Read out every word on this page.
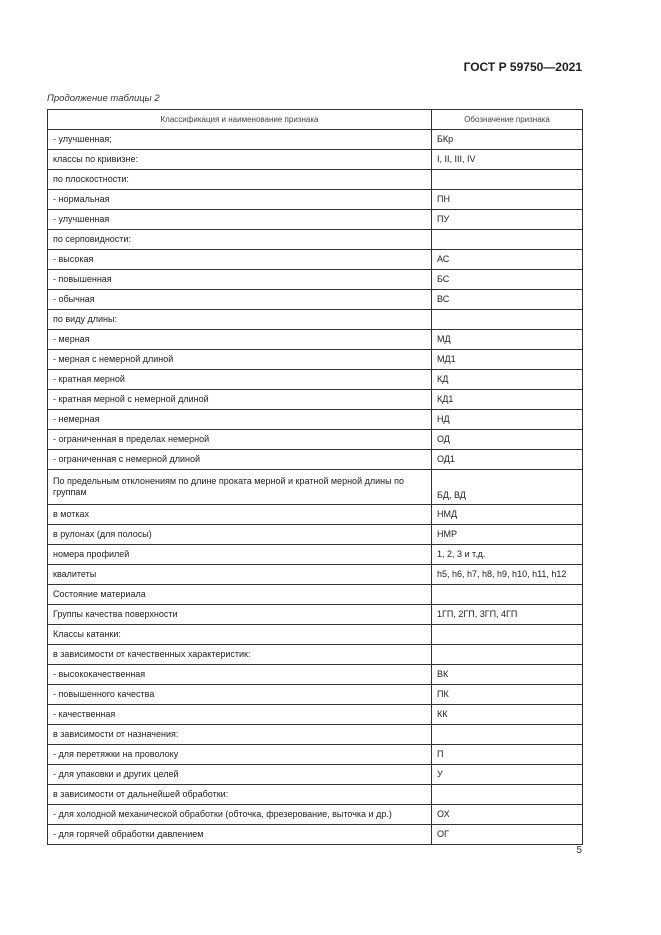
ГОСТ Р 59750—2021
Продолжение таблицы 2
Классификация и наименование признака	Обозначение признака
- улучшенная;	БКр
классы по кривизне:	I, II, III, IV
по плоскостности:	
- нормальная	ПН
- улучшенная	ПУ
по серповидности:	
- высокая	АС
- повышенная	БС
- обычная	ВС
по виду длины:	
- мерная	МД
- мерная с немерной длиной	МД1
- кратная мерной	КД
- кратная мерной с немерной длиной	КД1
- немерная	НД
- ограниченная в пределах немерной	ОД
- ограниченная с немерной длиной	ОД1
По предельным отклонениям по длине проката мерной и кратной мерной длины по группам	БД, ВД
в мотках	НМД
в рулонах (для полосы)	НМР
номера профилей	1, 2, 3 и т.д.
квалитеты	h5, h6, h7, h8, h9, h10, h11, h12
Состояние материала	
Группы качества поверхности	1ГП, 2ГП, 3ГП, 4ГП
Классы катанки:	
в зависимости от качественных характеристик:	
- высококачественная	ВК
- повышенного качества	ПК
- качественная	КК
в зависимости от назначения:	
- для перетяжки на проволоку	П
- для упаковки и других целей	У
в зависимости от дальнейшей обработки:	
- для холодной механической обработки (обточка, фрезерование, выточка и др.)	ОХ
- для горячей обработки давлением	ОГ
5
